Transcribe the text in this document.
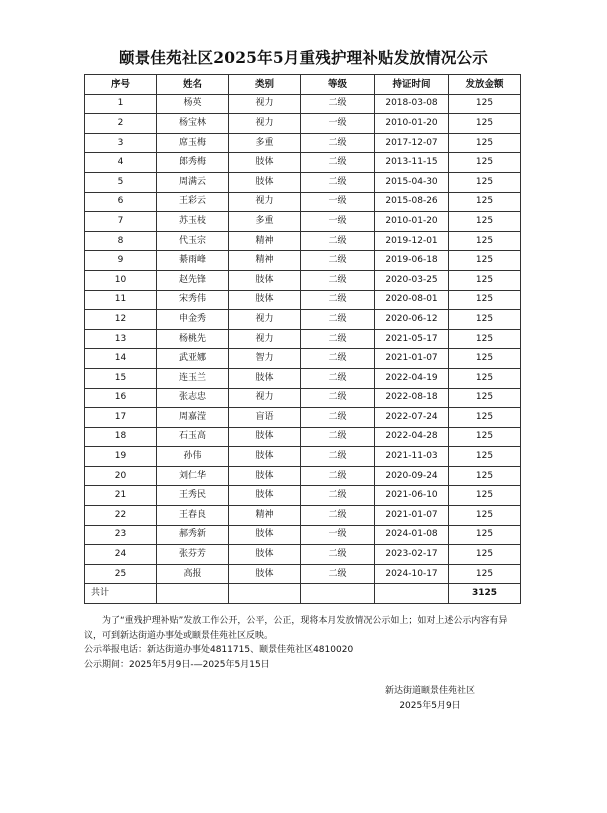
颐景佳苑社区2025年5月重残护理补贴发放情况公示
序号	姓名	类别	等级	持证时间	发放金额
1	杨英	视力	二级	2018-03-08	125
2	杨宝林	视力	一级	2010-01-20	125
3	席玉梅	多重	二级	2017-12-07	125
4	郎秀梅	肢体	二级	2013-11-15	125
5	周满云	肢体	二级	2015-04-30	125
6	王彩云	视力	一级	2015-08-26	125
7	苏玉枝	多重	一级	2010-01-20	125
8	代玉宗	精神	二级	2019-12-01	125
9	綦雨峰	精神	二级	2019-06-18	125
10	赵先锋	肢体	二级	2020-03-25	125
11	宋秀伟	肢体	二级	2020-08-01	125
12	申金秀	视力	二级	2020-06-12	125
13	杨桃先	视力	二级	2021-05-17	125
14	武亚娜	智力	二级	2021-01-07	125
15	连玉兰	肢体	二级	2022-04-19	125
16	张志忠	视力	二级	2022-08-18	125
17	周嘉滢	盲语	二级	2022-07-24	125
18	石玉高	肢体	二级	2022-04-28	125
19	孙伟	肢体	二级	2021-11-03	125
20	刘仁华	肢体	二级	2020-09-24	125
21	王秀民	肢体	二级	2021-06-10	125
22	王春良	精神	二级	2021-01-07	125
23	郝秀新	肢体	一级	2024-01-08	125
24	张芬芳	肢体	二级	2023-02-17	125
25	高报	肢体	二级	2024-10-17	125
共计					3125

为了“重残护理补贴”发放工作公开，公平，公正，现将本月发放情况公示如上；如对上述公示内容有异议，可到新达街道办事处或颐景佳苑社区反映。

公示举报电话：新达街道办事处4811715、颐景佳苑社区4810020

公示期间：2025年5月9日-—2025年5月15日

新达街道颐景佳苑社区
2025年5月9日
